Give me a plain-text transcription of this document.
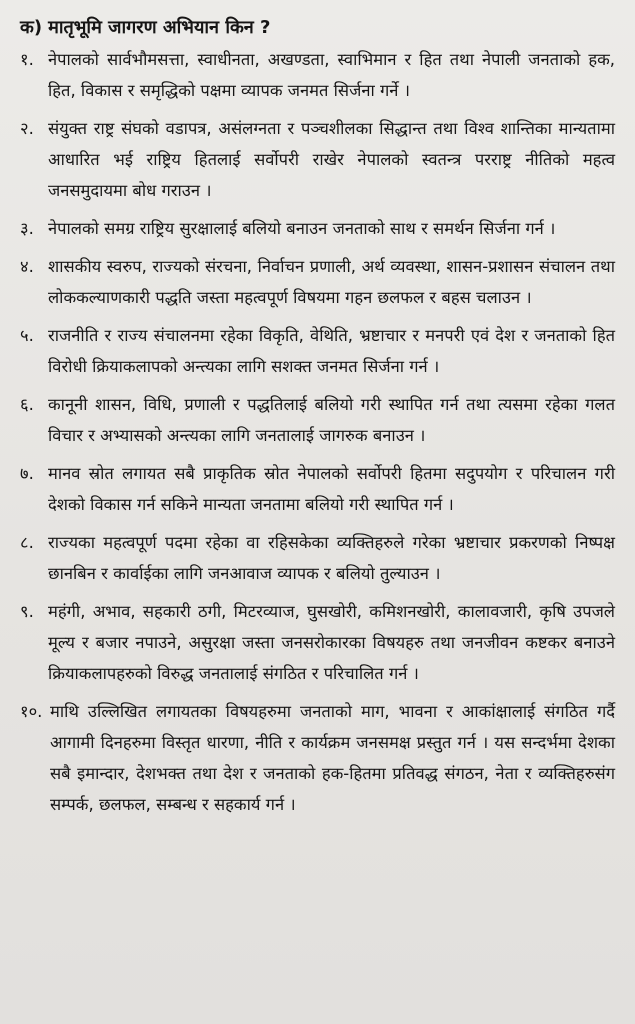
क) मातृभूमि जागरण अभियान किन ?
१. नेपालको सार्वभौमसत्ता, स्वाधीनता, अखण्डता, स्वाभिमान र हित तथा नेपाली जनताको हक, हित, विकास र समृद्धिको पक्षमा व्यापक जनमत सिर्जना गर्ने ।
२. संयुक्त राष्ट्र संघको वडापत्र, असंलग्नता र पञ्चशीलका सिद्धान्त तथा विश्व शान्तिका मान्यतामा आधारित भई राष्ट्रिय हितलाई सर्वोपरी राखेर नेपालको स्वतन्त्र परराष्ट्र नीतिको महत्व जनसमुदायमा बोध गराउन ।
३. नेपालको समग्र राष्ट्रिय सुरक्षालाई बलियो बनाउन जनताको साथ र समर्थन सिर्जना गर्न ।
४. शासकीय स्वरुप, राज्यको संरचना, निर्वाचन प्रणाली, अर्थ व्यवस्था, शासन-प्रशासन संचालन तथा लोककल्याणकारी पद्धति जस्ता महत्वपूर्ण विषयमा गहन छलफल र बहस चलाउन ।
५. राजनीति र राज्य संचालनमा रहेका विकृति, वेथिति, भ्रष्टाचार र मनपरी एवं देश र जनताको हित विरोधी क्रियाकलापको अन्त्यका लागि सशक्त जनमत सिर्जना गर्न ।
६. कानूनी शासन, विधि, प्रणाली र पद्धतिलाई बलियो गरी स्थापित गर्न तथा त्यसमा रहेका गलत विचार र अभ्यासको अन्त्यका लागि जनतालाई जागरुक बनाउन ।
७. मानव स्रोत लगायत सबै प्राकृतिक स्रोत नेपालको सर्वोपरी हितमा सदुपयोग र परिचालन गरी देशको विकास गर्न सकिने मान्यता जनतामा बलियो गरी स्थापित गर्न ।
८. राज्यका महत्वपूर्ण पदमा रहेका वा रहिसकेका व्यक्तिहरुले गरेका भ्रष्टाचार प्रकरणको निष्पक्ष छानबिन र कार्वाईका लागि जनआवाज व्यापक र बलियो तुल्याउन ।
९. महंगी, अभाव, सहकारी ठगी, मिटरव्याज, घुसखोरी, कमिशनखोरी, कालावजारी, कृषि उपजले मूल्य र बजार नपाउने, असुरक्षा जस्ता जनसरोकारका विषयहरु तथा जनजीवन कष्टकर बनाउने क्रियाकलापहरुको विरुद्ध जनतालाई संगठित र परिचालित गर्न ।
१०. माथि उल्लिखित लगायतका विषयहरुमा जनताको माग, भावना र आकांक्षालाई संगठित गर्दै आगामी दिनहरुमा विस्तृत धारणा, नीति र कार्यक्रम जनसमक्ष प्रस्तुत गर्न । यस सन्दर्भमा देशका सबै इमान्दार, देशभक्त तथा देश र जनताको हक-हितमा प्रतिवद्ध संगठन, नेता र व्यक्तिहरुसंग सम्पर्क, छलफल, सम्बन्ध र सहकार्य गर्न ।
